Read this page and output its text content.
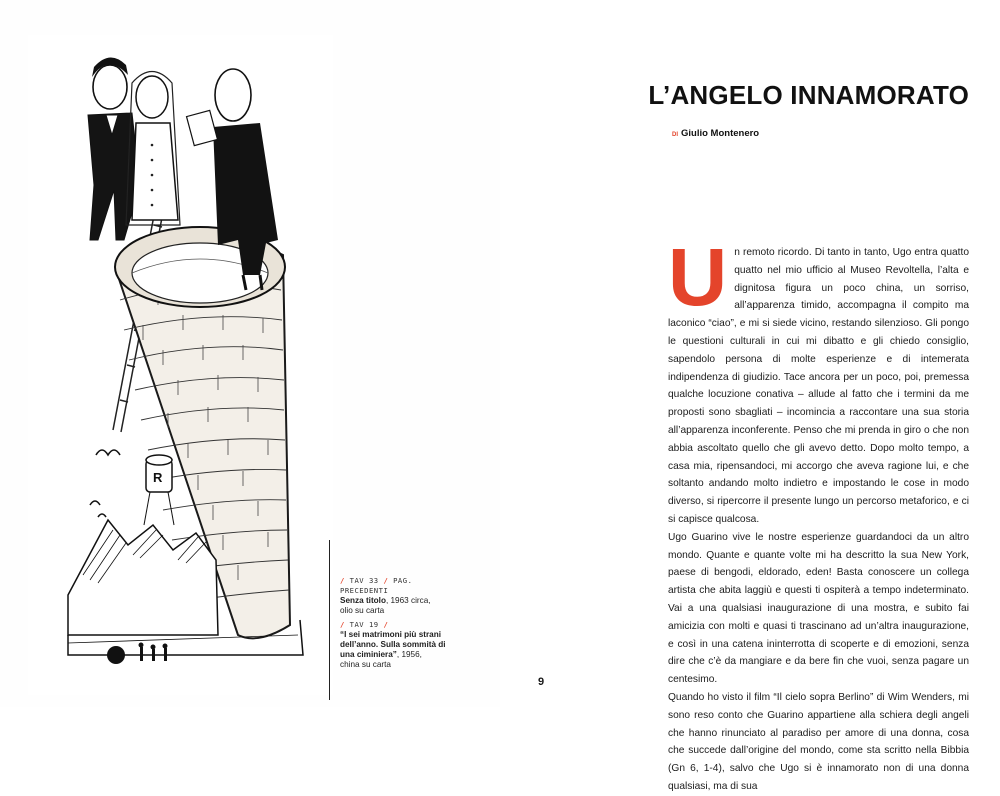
R
/ TAV 33 / PAG. PRECEDENTI
Senza titolo, 1963 circa,
olio su carta
/ TAV 19 /
“I sei matrimoni più strani dell’anno. Sulla sommità di una ciminiera”, 1956,
china su carta
9
L’ANGELO INNAMORATO
DI Giulio Montenero

Un remoto ricordo. Di tanto in tanto, Ugo entra quatto quatto nel mio ufficio al Museo Revoltella, l’alta e dignitosa figura un poco china, un sorriso, all’apparenza timido, accompagna il compito ma laconico “ciao”, e mi si siede vicino, restando silenzioso. Gli pongo le questioni culturali in cui mi dibatto e gli chiedo consiglio, sapendolo persona di molte esperienze e di intemerata indipendenza di giudizio. Tace ancora per un poco, poi, premessa qualche locuzione conativa – allude al fatto che i termini da me proposti sono sbagliati – incomincia a raccontare una sua storia all’apparenza inconferente. Penso che mi prenda in giro o che non abbia ascoltato quello che gli avevo detto. Dopo molto tempo, a casa mia, ripensandoci, mi accorgo che aveva ragione lui, e che soltanto andando molto indietro e impostando le cose in modo diverso, si ripercorre il presente lungo un percorso metaforico, e ci si capisce qualcosa.

Ugo Guarino vive le nostre esperienze guardandoci da un altro mondo. Quante e quante volte mi ha descritto la sua New York, paese di bengodi, eldorado, eden! Basta conoscere un collega artista che abita laggiù e questi ti ospiterà a tempo indeterminato. Vai a una qualsiasi inaugurazione di una mostra, e subito fai amicizia con molti e quasi ti trascinano ad un’altra inaugurazione, e così in una catena ininterrotta di scoperte e di emozioni, senza dire che c’è da mangiare e da bere fin che vuoi, senza pagare un centesimo.

Quando ho visto il film “Il cielo sopra Berlino” di Wim Wenders, mi sono reso conto che Guarino appartiene alla schiera degli angeli che hanno rinunciato al paradiso per amore di una donna, cosa che succede dall’origine del mondo, come sta scritto nella Bibbia (Gn 6, 1-4), salvo che Ugo si è innamorato non di una donna qualsiasi, ma di sua
